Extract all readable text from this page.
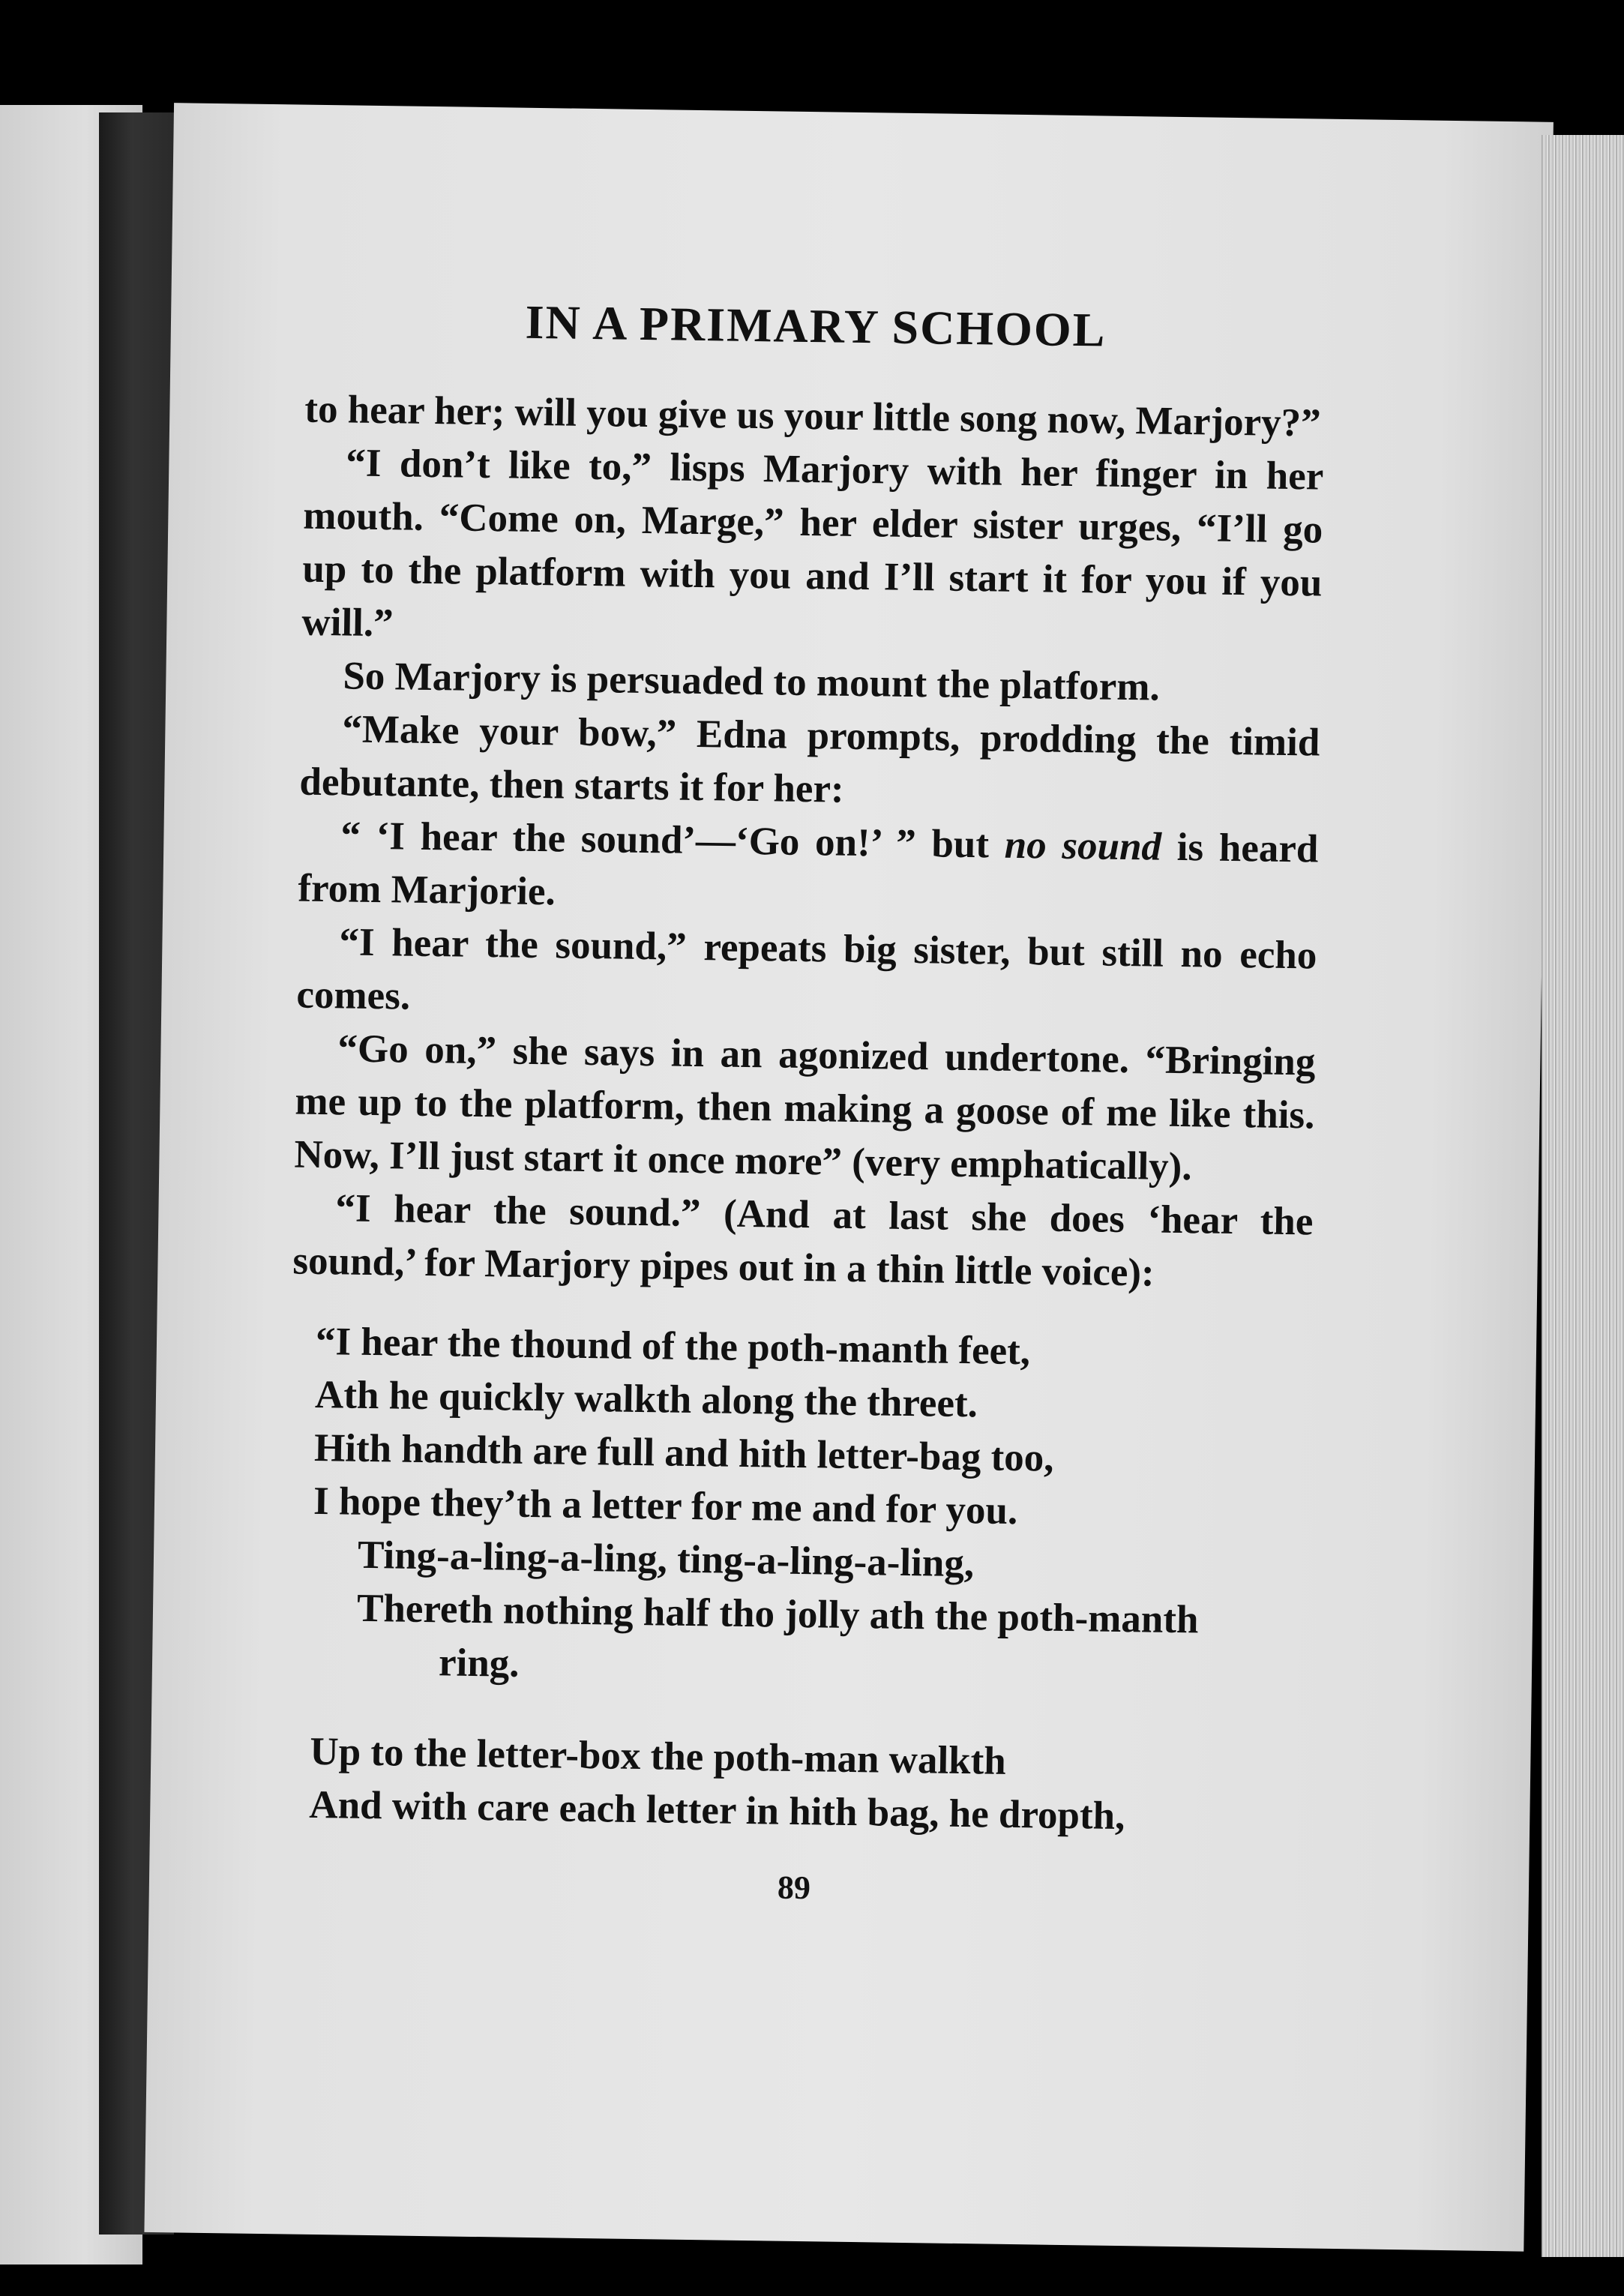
IN A PRIMARY SCHOOL

to hear her; will you give us your little song now, Marjory?”

“I don’t like to,” lisps Marjory with her finger in her mouth. “Come on, Marge,” her elder sister urges, “I’ll go up to the platform with you and I’ll start it for you if you will.”

So Marjory is persuaded to mount the platform.

“Make your bow,” Edna prompts, prodding the timid debutante, then starts it for her:

“ ‘I hear the sound’—‘Go on!’ ” but no sound is heard from Marjorie.

“I hear the sound,” repeats big sister, but still no echo comes.

“Go on,” she says in an agonized undertone. “Bringing me up to the platform, then making a goose of me like this. Now, I’ll just start it once more” (very emphatically).

“I hear the sound.” (And at last she does ‘hear the sound,’ for Marjory pipes out in a thin little voice):

“I hear the thound of the poth-manth feet,
Ath he quickly walkth along the threet.
Hith handth are full and hith letter-bag too,
I hope they’th a letter for me and for you.
Ting-a-ling-a-ling, ting-a-ling-a-ling,
Thereth nothing half tho jolly ath the poth-manth
ring.
Up to the letter-box the poth-man walkth
And with care each letter in hith bag, he dropth,
89
